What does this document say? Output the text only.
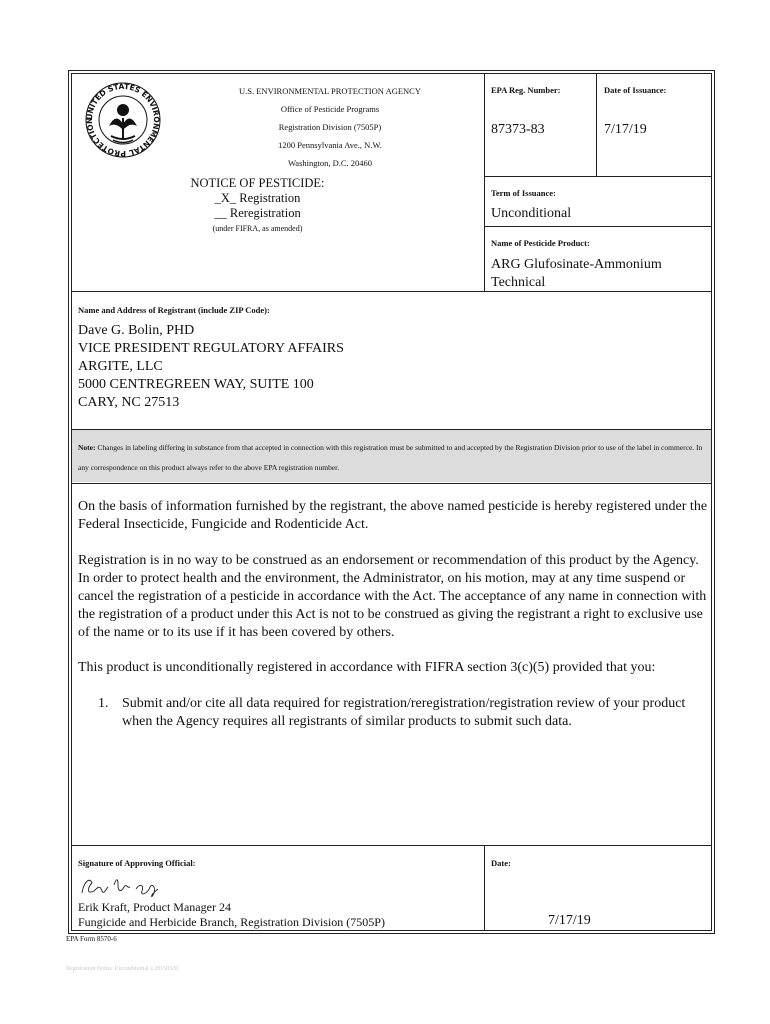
UNITED STATES ENVIRONMENTAL PROTECTION
U.S. ENVIRONMENTAL PROTECTION AGENCY
Office of Pesticide Programs
Registration Division (7505P)
1200 Pennsylvania Ave., N.W.
Washington, D.C. 20460
NOTICE OF PESTICIDE:
_X_ Registration
__ Reregistration
(under FIFRA, as amended)
EPA Reg. Number:
87373-83
Date of Issuance:
7/17/19
Term of Issuance:
Unconditional
Name of Pesticide Product:
ARG Glufosinate-Ammonium Technical
Name and Address of Registrant (include ZIP Code):
Dave G. Bolin, PHD
VICE PRESIDENT REGULATORY AFFAIRS
ARGITE, LLC
5000 CENTREGREEN WAY, SUITE 100
CARY, NC 27513
Note: Changes in labeling differing in substance from that accepted in connection with this registration must be submitted to and accepted by the Registration Division prior to use of the label in commerce. In any correspondence on this product always refer to the above EPA registration number.
On the basis of information furnished by the registrant, the above named pesticide is hereby registered under the Federal Insecticide, Fungicide and Rodenticide Act.
Registration is in no way to be construed as an endorsement or recommendation of this product by the Agency. In order to protect health and the environment, the Administrator, on his motion, may at any time suspend or cancel the registration of a pesticide in accordance with the Act. The acceptance of any name in connection with the registration of a product under this Act is not to be construed as giving the registrant a right to exclusive use of the name or to its use if it has been covered by others.
This product is unconditionally registered in accordance with FIFRA section 3(c)(5) provided that you:
1. Submit and/or cite all data required for registration/reregistration/registration review of your product when the Agency requires all registrants of similar products to submit such data.
Signature of Approving Official:
Erik Kraft, Product Manager 24
Fungicide and Herbicide Branch, Registration Division (7505P)
Date:
7/17/19
EPA Form 8570-6
Registration Notice Unconditional v.20150320
